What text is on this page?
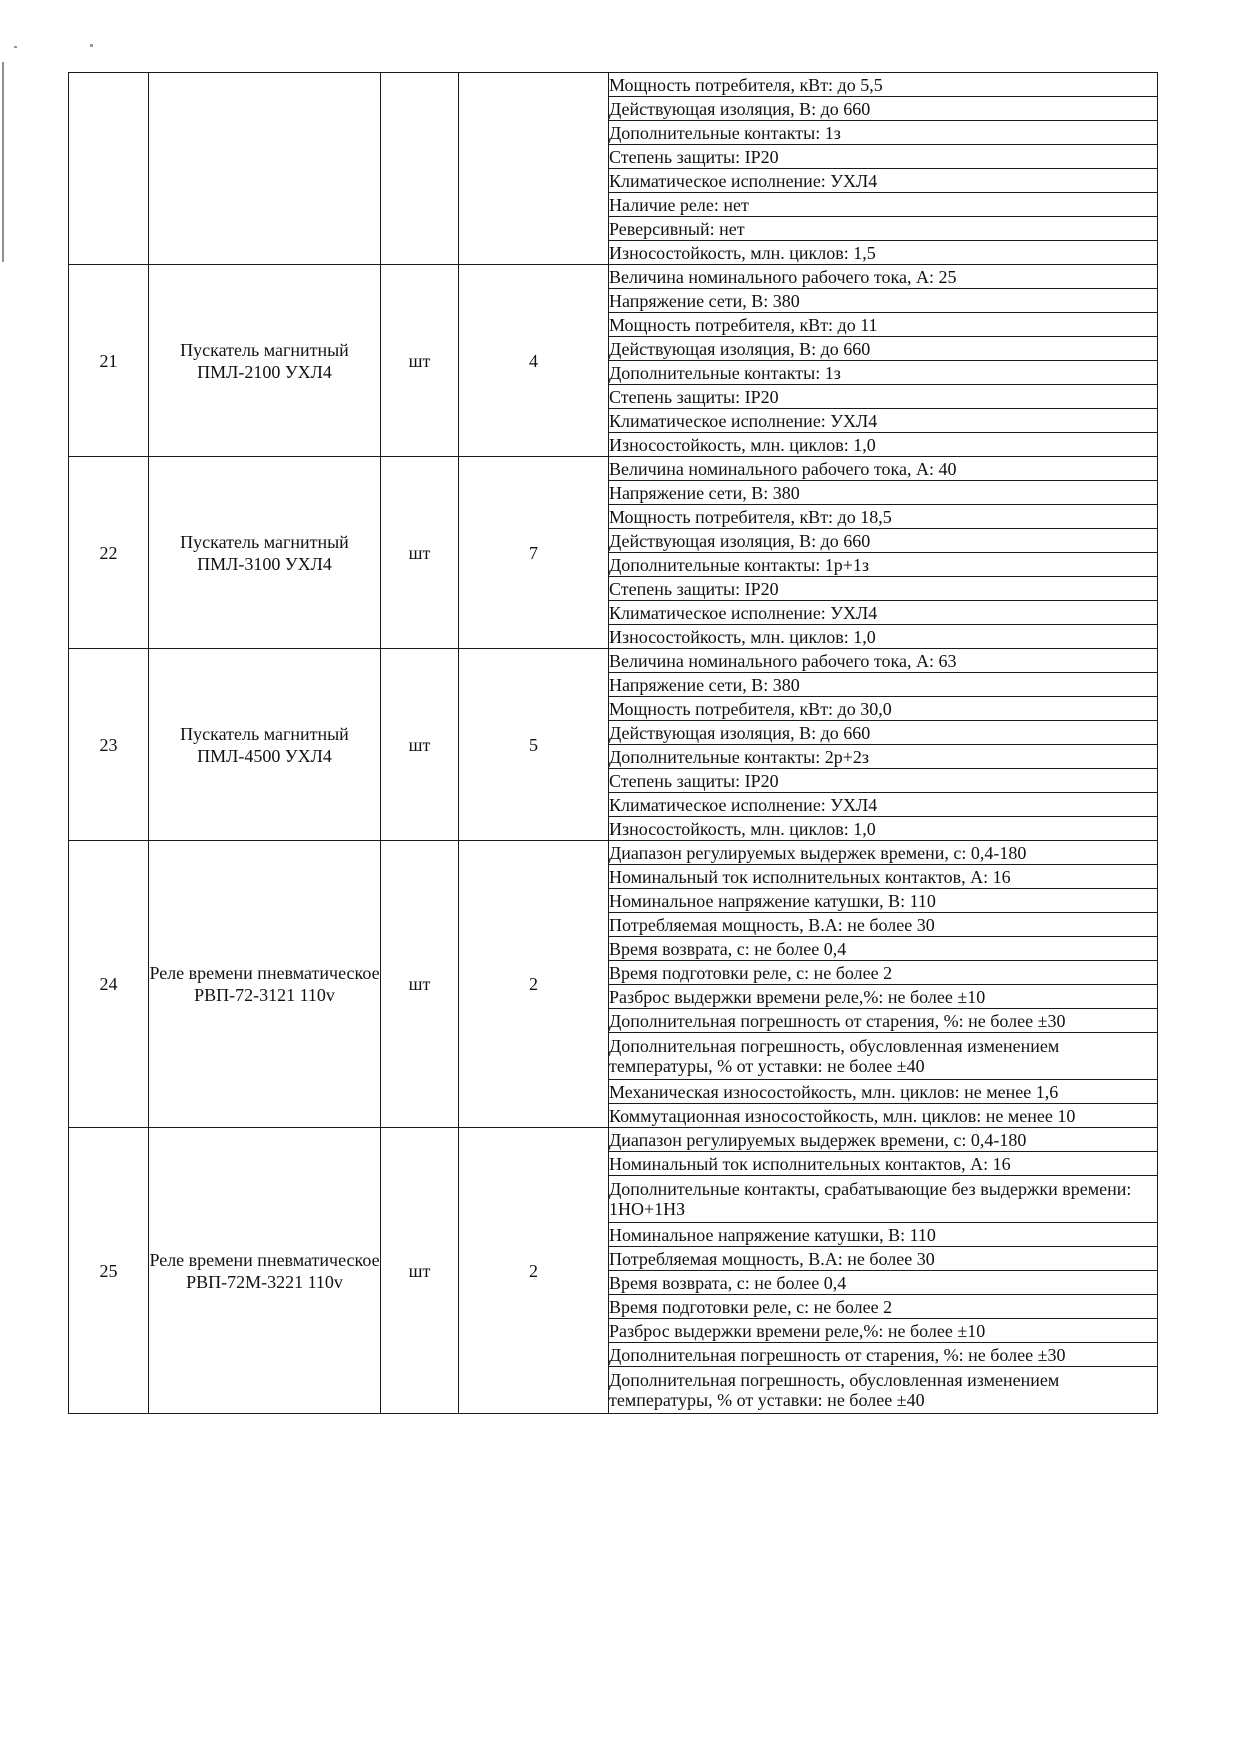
				Мощность потребителя, кВт: до 5,5
				Действующая изоляция, В: до 660
				Дополнительные контакты: 1з
				Степень защиты: IP20
				Климатическое исполнение: УХЛ4
				Наличие реле: нет
				Реверсивный: нет
				Износостойкость, млн. циклов: 1,5
21	Пускатель магнитный ПМЛ-2100 УХЛ4	шт	4	Величина номинального рабочего тока, А: 25
				Напряжение сети, В: 380
				Мощность потребителя, кВт: до 11
				Действующая изоляция, В: до 660
				Дополнительные контакты: 1з
				Степень защиты: IP20
				Климатическое исполнение: УХЛ4
				Износостойкость, млн. циклов: 1,0
22	Пускатель магнитный ПМЛ-3100 УХЛ4	шт	7	Величина номинального рабочего тока, А: 40
				Напряжение сети, В: 380
				Мощность потребителя, кВт: до 18,5
				Действующая изоляция, В: до 660
				Дополнительные контакты: 1р+1з
				Степень защиты: IP20
				Климатическое исполнение: УХЛ4
				Износостойкость, млн. циклов: 1,0
23	Пускатель магнитный ПМЛ-4500 УХЛ4	шт	5	Величина номинального рабочего тока, А: 63
				Напряжение сети, В: 380
				Мощность потребителя, кВт: до 30,0
				Действующая изоляция, В: до 660
				Дополнительные контакты: 2р+2з
				Степень защиты: IP20
				Климатическое исполнение: УХЛ4
				Износостойкость, млн. циклов: 1,0
24	Реле времени пневматическое РВП-72-3121 110v	шт	2	Диапазон регулируемых выдержек времени, с: 0,4-180
				Номинальный ток исполнительных контактов, А: 16
				Номинальное напряжение катушки, В: 110
				Потребляемая мощность, В.А: не более 30
				Время возврата, с: не более 0,4
				Время подготовки реле, с: не более 2
				Разброс выдержки времени реле,%: не более ±10
				Дополнительная погрешность от старения, %: не более ±30
				Дополнительная погрешность, обусловленная изменением температуры, % от уставки: не более ±40
				Механическая износостойкость, млн. циклов: не менее 1,6
				Коммутационная износостойкость, млн. циклов: не менее 10
25	Реле времени пневматическое РВП-72М-3221 110v	шт	2	Диапазон регулируемых выдержек времени, с: 0,4-180
				Номинальный ток исполнительных контактов, А: 16
				Дополнительные контакты, срабатывающие без выдержки времени: 1НО+1НЗ
				Номинальное напряжение катушки, В: 110
				Потребляемая мощность, В.А: не более 30
				Время возврата, с: не более 0,4
				Время подготовки реле, с: не более 2
				Разброс выдержки времени реле,%: не более ±10
				Дополнительная погрешность от старения, %: не более ±30
				Дополнительная погрешность, обусловленная изменением температуры, % от уставки: не более ±40
